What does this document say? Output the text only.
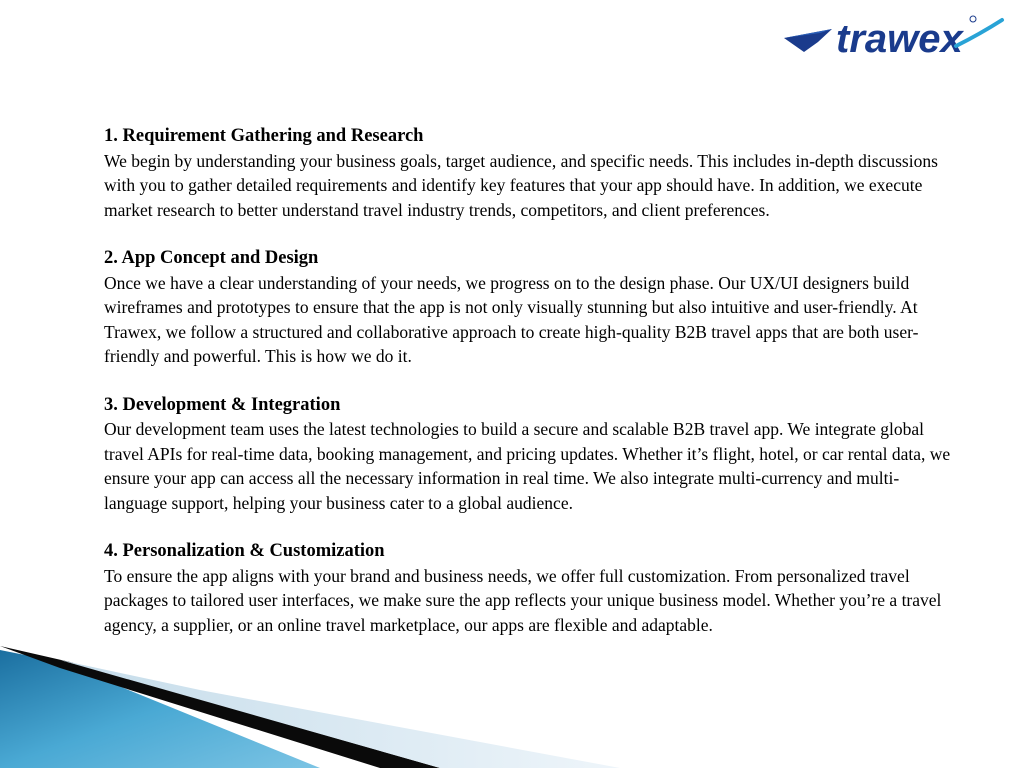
trawex

1. Requirement Gathering and Research

We begin by understanding your business goals, target audience, and specific needs. This includes in-depth discussions with you to gather detailed requirements and identify key features that your app should have. In addition, we execute market research to better understand travel industry trends, competitors, and client preferences.

2. App Concept and Design

Once we have a clear understanding of your needs, we progress on to the design phase. Our UX/UI designers build wireframes and prototypes to ensure that the app is not only visually stunning but also intuitive and user-friendly. At Trawex, we follow a structured and collaborative approach to create high-quality B2B travel apps that are both user-friendly and powerful. This is how we do it.

3. Development & Integration

Our development team uses the latest technologies to build a secure and scalable B2B travel app. We integrate global travel APIs for real-time data, booking management, and pricing updates. Whether it’s flight, hotel, or car rental data, we ensure your app can access all the necessary information in real time. We also integrate multi-currency and multi-language support, helping your business cater to a global audience.

4. Personalization & Customization

To ensure the app aligns with your brand and business needs, we offer full customization. From personalized travel packages to tailored user interfaces, we make sure the app reflects your unique business model. Whether you’re a travel agency, a supplier, or an online travel marketplace, our apps are flexible and adaptable.
